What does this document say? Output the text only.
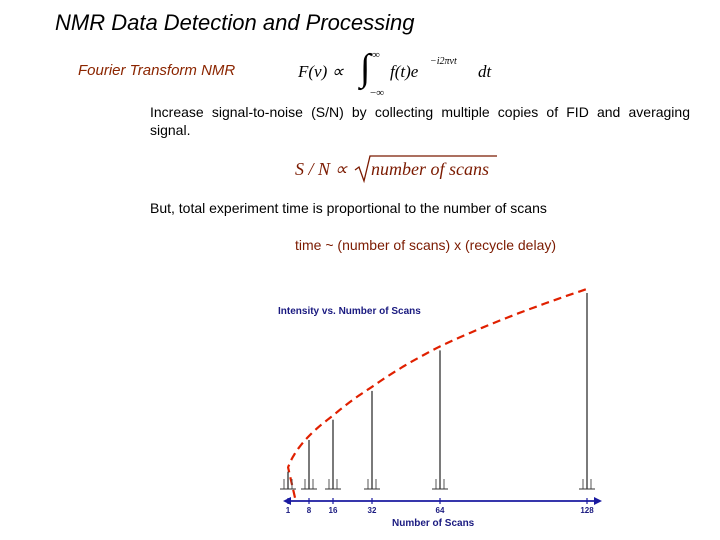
NMR Data Detection and Processing
Fourier Transform NMR	F(ν) ∝ ∫ ∞
−∞
f(t)e
−i2πνt
dt
Increase signal-to-noise (S/N) by collecting multiple copies of FID and averaging signal.
S / N ∝ number of scans
But, total experiment time is proportional to the number of scans
time ~ (number of scans) x (recycle delay)
Intensity vs. Number of Scans
Number of Scans
1 8 16	32	64	128
